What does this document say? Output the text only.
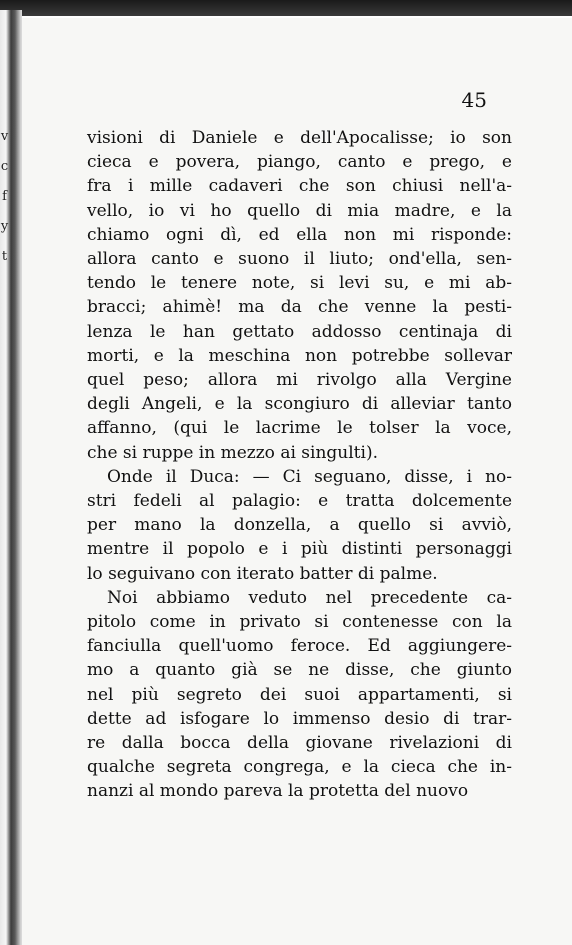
v
c
f
y
t
45
visioni di Daniele e dell'Apocalisse; io son
cieca e povera, piango, canto e prego, e
fra i mille cadaveri che son chiusi nell'a-
vello, io vi ho quello di mia madre, e la
chiamo ogni dì, ed ella non mi risponde:
allora canto e suono il liuto; ond'ella, sen-
tendo le tenere note, si levi su, e mi ab-
bracci; ahimè! ma da che venne la pesti-
lenza le han gettato addosso centinaja di
morti, e la meschina non potrebbe sollevar
quel peso; allora mi rivolgo alla Vergine
degli Angeli, e la scongiuro di alleviar tanto
affanno, (qui le lacrime le tolser la voce,
che si ruppe in mezzo ai singulti).
Onde il Duca: — Ci seguano, disse, i no-
stri fedeli al palagio: e tratta dolcemente
per mano la donzella, a quello si avviò,
mentre il popolo e i più distinti personaggi
lo seguivano con iterato batter di palme.
Noi abbiamo veduto nel precedente ca-
pitolo come in privato si contenesse con la
fanciulla quell'uomo feroce. Ed aggiungere-
mo a quanto già se ne disse, che giunto
nel più segreto dei suoi appartamenti, si
dette ad isfogare lo immenso desio di trar-
re dalla bocca della giovane rivelazioni di
qualche segreta congrega, e la cieca che in-
nanzi al mondo pareva la protetta del nuovo
